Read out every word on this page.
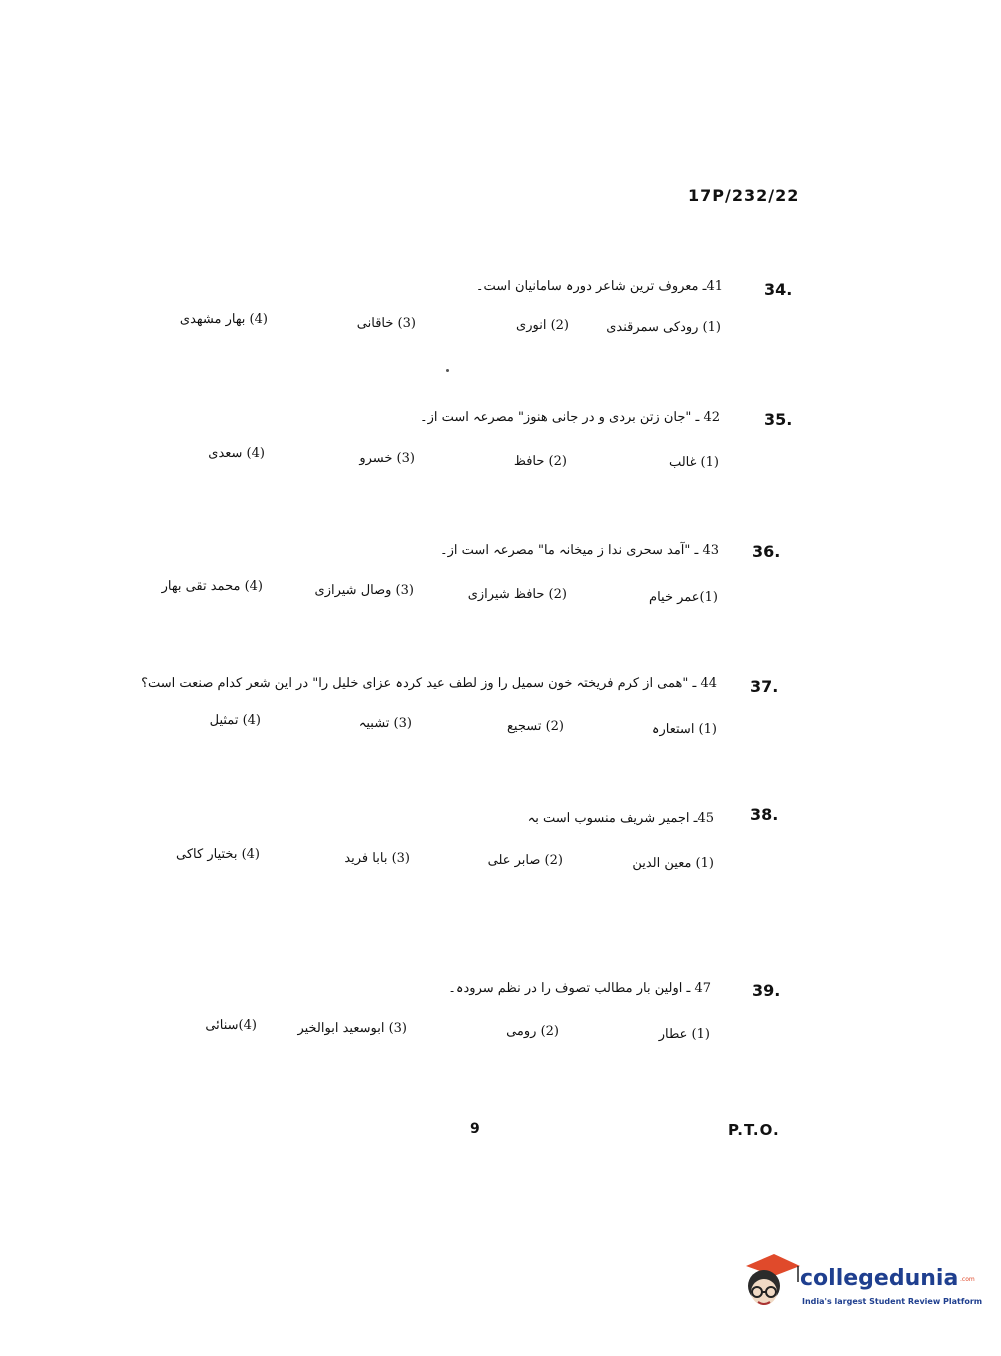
17P/232/22
34.
41ـ معروف ترین شاعر دورہ سامانیان است۔
(1) رودکی سمرقندی
(2) انوری
(3) خاقانی
(4) بھار مشھدی
35.
42 ـ "جان زتن بردی و در جانی ھنوز" مصرعہ است از۔
(1) غالب
(2) حافظ
(3) خسرو
(4) سعدی
36.
43 ـ "آمد سحری ندا ز میخانہ ما" مصرعہ است از۔
(1)عمر خیام
(2) حافظ شیرازی
(3) وصال شیرازی
(4) محمد تقی بھار
37.
44 ـ "ھمی از کرم فریختہ خون سمیل را وز لطف عید کردہ عزای خلیل را" در این شعر کدام صنعت است؟
(1) استعارہ
(2) تسجیع
(3) تشبیہ
(4) تمثیل
38.
45ـ اجمیر شریف منسوب است بہ
(1) معین الدین
(2) صابر علی
(3) بابا فرید
(4) بختیار کاکی
39.
47 ـ اولین بار مطالب تصوف را در نظم سرودہ۔
(1) عطار
(2) رومی
(3) ابوسعید ابوالخیر
(4)سنائی
9	P.T.O.
collegedunia .com
India's largest Student Review Platform
